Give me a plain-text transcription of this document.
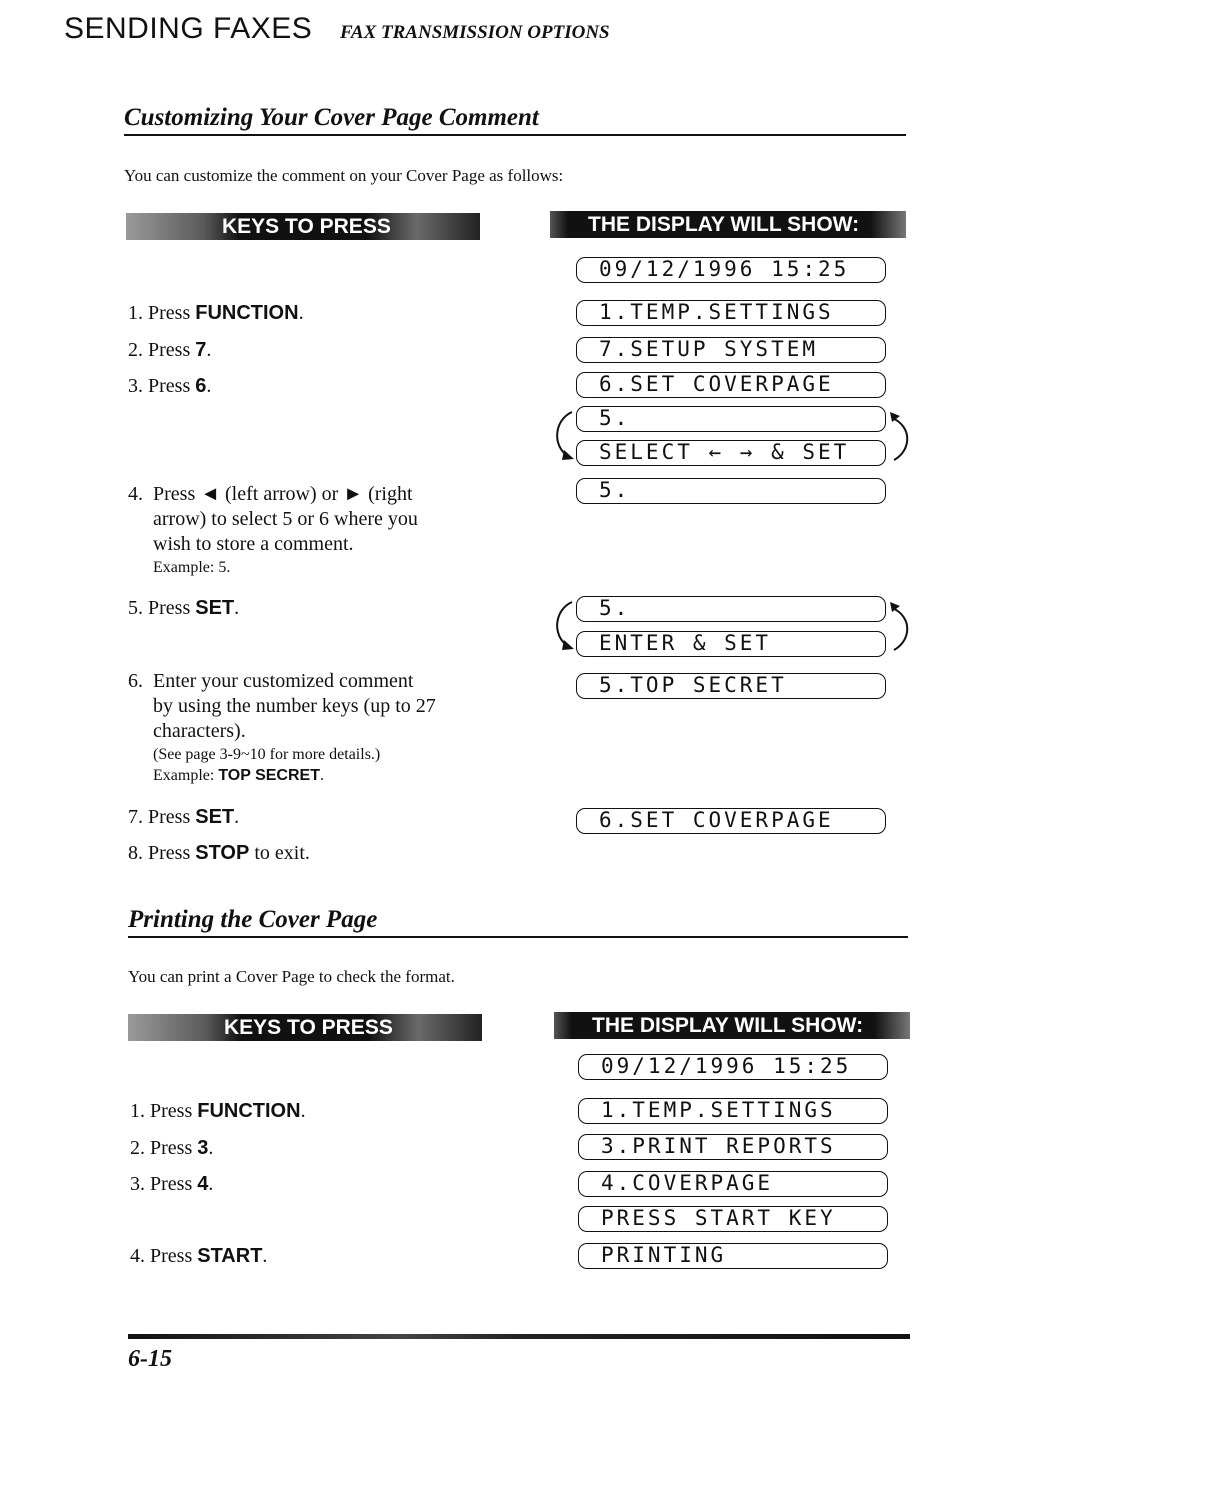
SENDING FAXES FAX TRANSMISSION OPTIONS
Customizing Your Cover Page Comment
You can customize the comment on your Cover Page as follows:
KEYS TO PRESS	THE DISPLAY WILL SHOW:
1. Press FUNCTION.
2. Press 7.
3. Press 6.
4. Press ◄ (left arrow) or ► (right
arrow) to select 5 or 6 where you
wish to store a comment.
Example: 5.
5. Press SET.
6. Enter your customized comment
by using the number keys (up to 27
characters).
(See page 3-9~10 for more details.)
Example: TOP SECRET.
7. Press SET.
8. Press STOP to exit.
09/12/1996 15:25
1.TEMP.SETTINGS
7.SETUP SYSTEM
6.SET COVERPAGE
5.
SELECT ← → & SET
5.
5.
ENTER & SET
5.TOP SECRET
6.SET COVERPAGE
Printing the Cover Page
You can print a Cover Page to check the format.
KEYS TO PRESS	THE DISPLAY WILL SHOW:
1. Press FUNCTION.
2. Press 3.
3. Press 4.
4. Press START.
09/12/1996 15:25
1.TEMP.SETTINGS
3.PRINT REPORTS
4.COVERPAGE
PRESS START KEY
PRINTING
6-15
